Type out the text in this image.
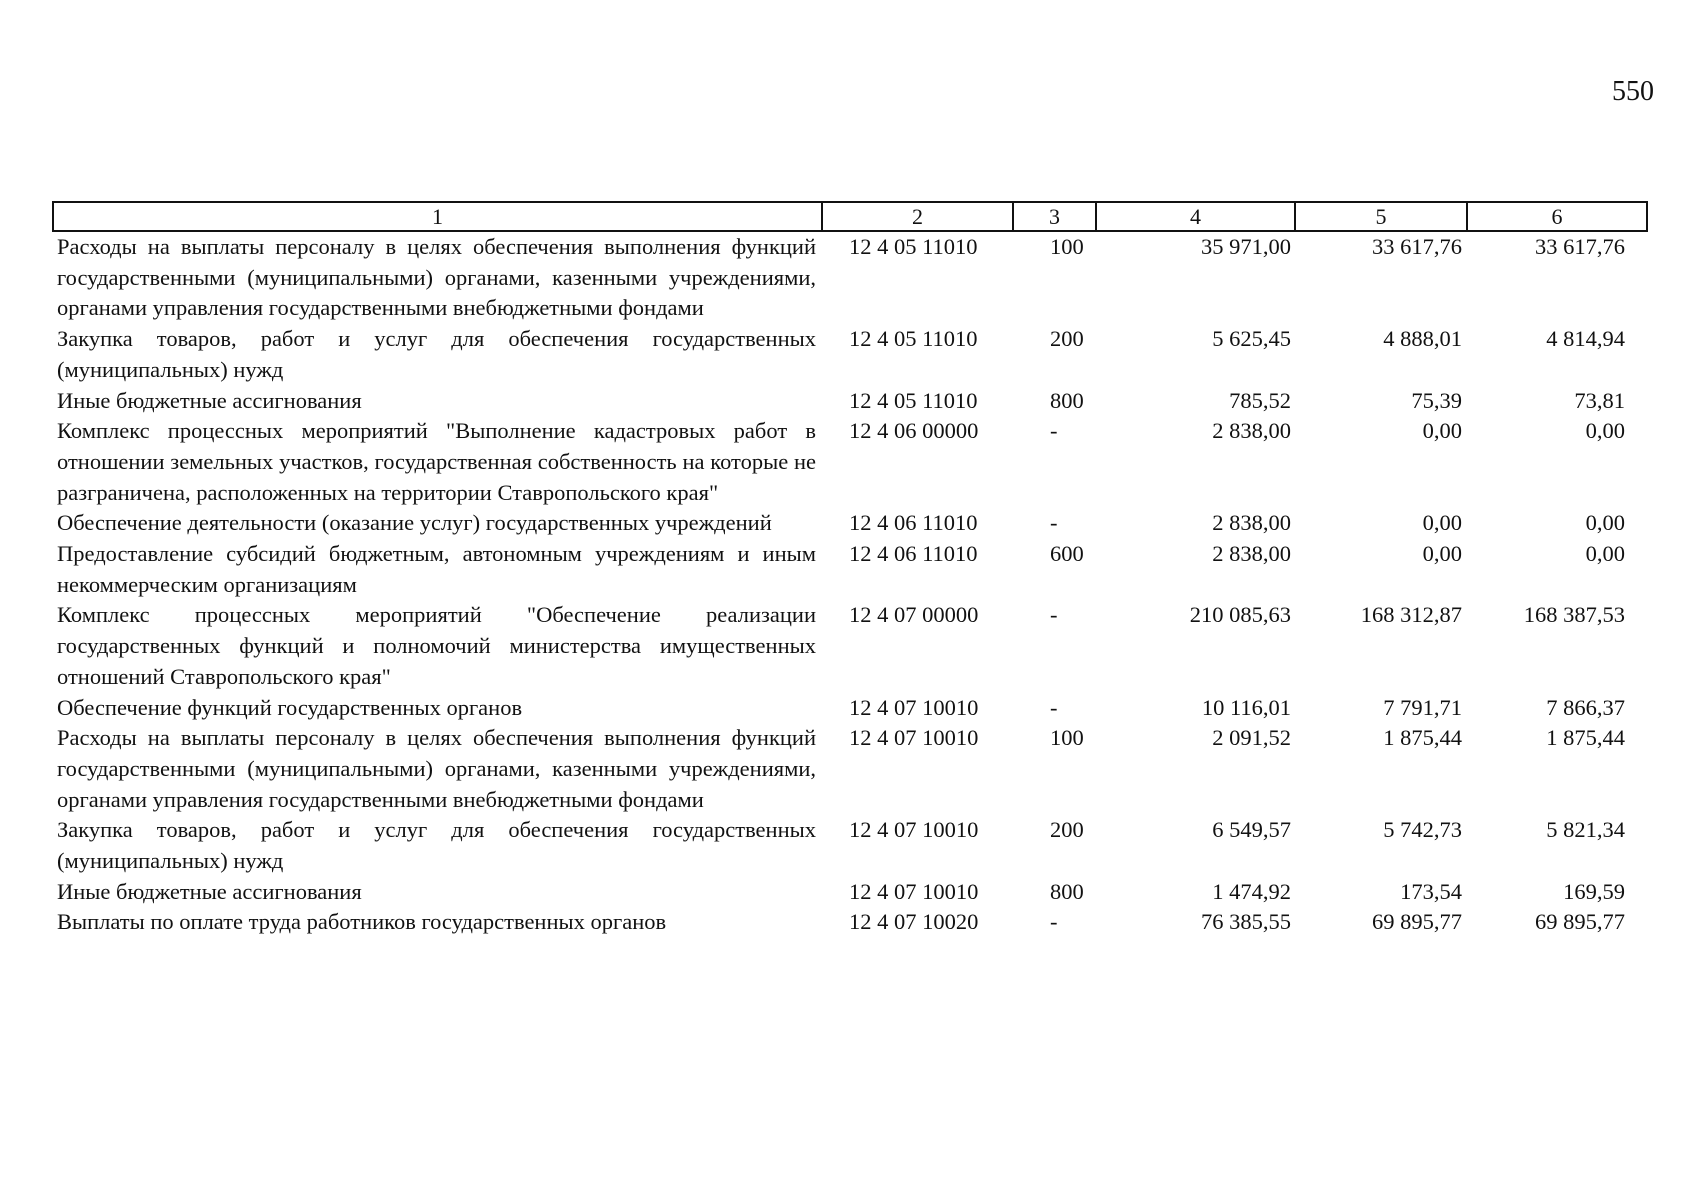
550
1	2	3	4	5	6
Расходы на выплаты персоналу в целях обеспечения выполнения функций государственными (муниципальными) органами, казенными учреждениями, органами управления государственными внебюджетными фондами	12 4 05 11010	100	35 971,00	33 617,76	33 617,76
Закупка товаров, работ и услуг для обеспечения государственных (муниципальных) нужд	12 4 05 11010	200	5 625,45	4 888,01	4 814,94
Иные бюджетные ассигнования	12 4 05 11010	800	785,52	75,39	73,81
Комплекс процессных мероприятий "Выполнение кадастровых работ в отношении земельных участков, государственная собственность на которые не разграничена, расположенных на территории Ставропольского края"	12 4 06 00000	-	2 838,00	0,00	0,00
Обеспечение деятельности (оказание услуг) государственных учреждений	12 4 06 11010	-	2 838,00	0,00	0,00
Предоставление субсидий бюджетным, автономным учреждениям и иным некоммерческим организациям	12 4 06 11010	600	2 838,00	0,00	0,00
Комплекс процессных мероприятий "Обеспечение реализации государственных функций и полномочий министерства имущественных отношений Ставропольского края"	12 4 07 00000	-	210 085,63	168 312,87	168 387,53
Обеспечение функций государственных органов	12 4 07 10010	-	10 116,01	7 791,71	7 866,37
Расходы на выплаты персоналу в целях обеспечения выполнения функций государственными (муниципальными) органами, казенными учреждениями, органами управления государственными внебюджетными фондами	12 4 07 10010	100	2 091,52	1 875,44	1 875,44
Закупка товаров, работ и услуг для обеспечения государственных (муниципальных) нужд	12 4 07 10010	200	6 549,57	5 742,73	5 821,34
Иные бюджетные ассигнования	12 4 07 10010	800	1 474,92	173,54	169,59
Выплаты по оплате труда работников государственных органов	12 4 07 10020	-	76 385,55	69 895,77	69 895,77
